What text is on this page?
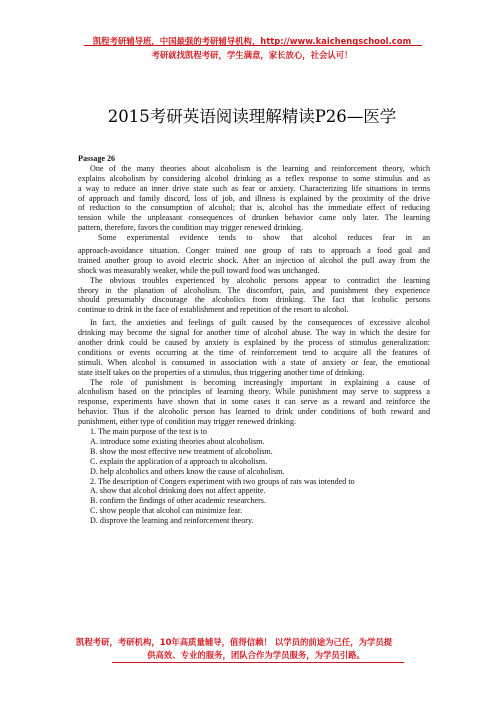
凯程考研辅导班，中国最强的考研辅导机构，http://www.kaichengschool.com
考研就找凯程考研，学生满意，家长放心，社会认可！
2015考研英语阅读理解精读P26—医学
Passage 26
One of the many theories about alcoholism is the learning and reinforcement theory, which
explains alcoholism by considering alcohol drinking as a reflex response to some stimulus and as
a way to reduce an inner drive state such as fear or anxiety. Characterizing life situations in terms
of approach and family discord, loss of job, and illness is explained by the proximity of the drive
of reduction to the consumption of alcohol; that is, alcohol has the immediate effect of reducing
tension while the unpleasant consequences of drunken behavior came only later. The learning
pattern, therefore, favors the condition may trigger renewed drinking.
Some experimental evidence tends to show that alcohol reduces fear in an
approach-avoidance situation. Conger trained one group of rats to approach a food goal and
trained another group to avoid electric shock. After an injection of alcohol the pull away from the
shock was measurably weaker, while the pull toward food was unchanged.
The obvious troubles experienced by alcoholic persons appear to contradict the learning
theory in the planation of alcoholism. The discomfort, pain, and punishment they experience
should presumably discourage the alcoholics from drinking. The fact that lcoholic persons
continue to drink in the face of establishment and repetition of the resort to alcohol.
In fact, the anxieties and feelings of guilt caused by the consequences of excessive alcohol
drinking may become the signal for another time of alcohol abuse. The way in which the desire for
another drink could be caused by anxiety is explained by the process of stimulus generalization:
conditions or events occurring at the time of reinforcement tend to acquire all the features of
stimuli. When alcohol is consumed in association with a state of anxiety or fear, the emotional
state itself takes on the properties of a stimulus, thus triggering another time of drinking.
The role of punishment is becoming increasingly important in explaining a cause of
alcoholism based on the principles of learning theory. While punishment may serve to suppress a
response, experiments have shown that in some cases it can serve as a reward and reinforce the
behavior. Thus if the alcoholic person has learned to drink under conditions of both reward and
punishment, either type of condition may trigger renewed drinking.
1. The main purpose of the text is to
A. introduce some existing theories about alcoholism.
B. show the most effective new treatment of alcoholism.
C. explain the application of a approach to alcoholism.
D. help alcoholics and others know the cause of alcoholism.
2. The description of Congers experiment with two groups of rats was intended to
A. show that alcohol drinking does not affect appetite.
B. confirm the findings of other academic researchers.
C. show people that alcohol can minimize fear.
D. disprove the learning and reinforcement theory.
凯程考研，考研机构，10年高质量辅导，值得信赖！ 以学员的前途为己任，为学员提
供高效、专业的服务，团队合作为学员服务，为学员引路。
